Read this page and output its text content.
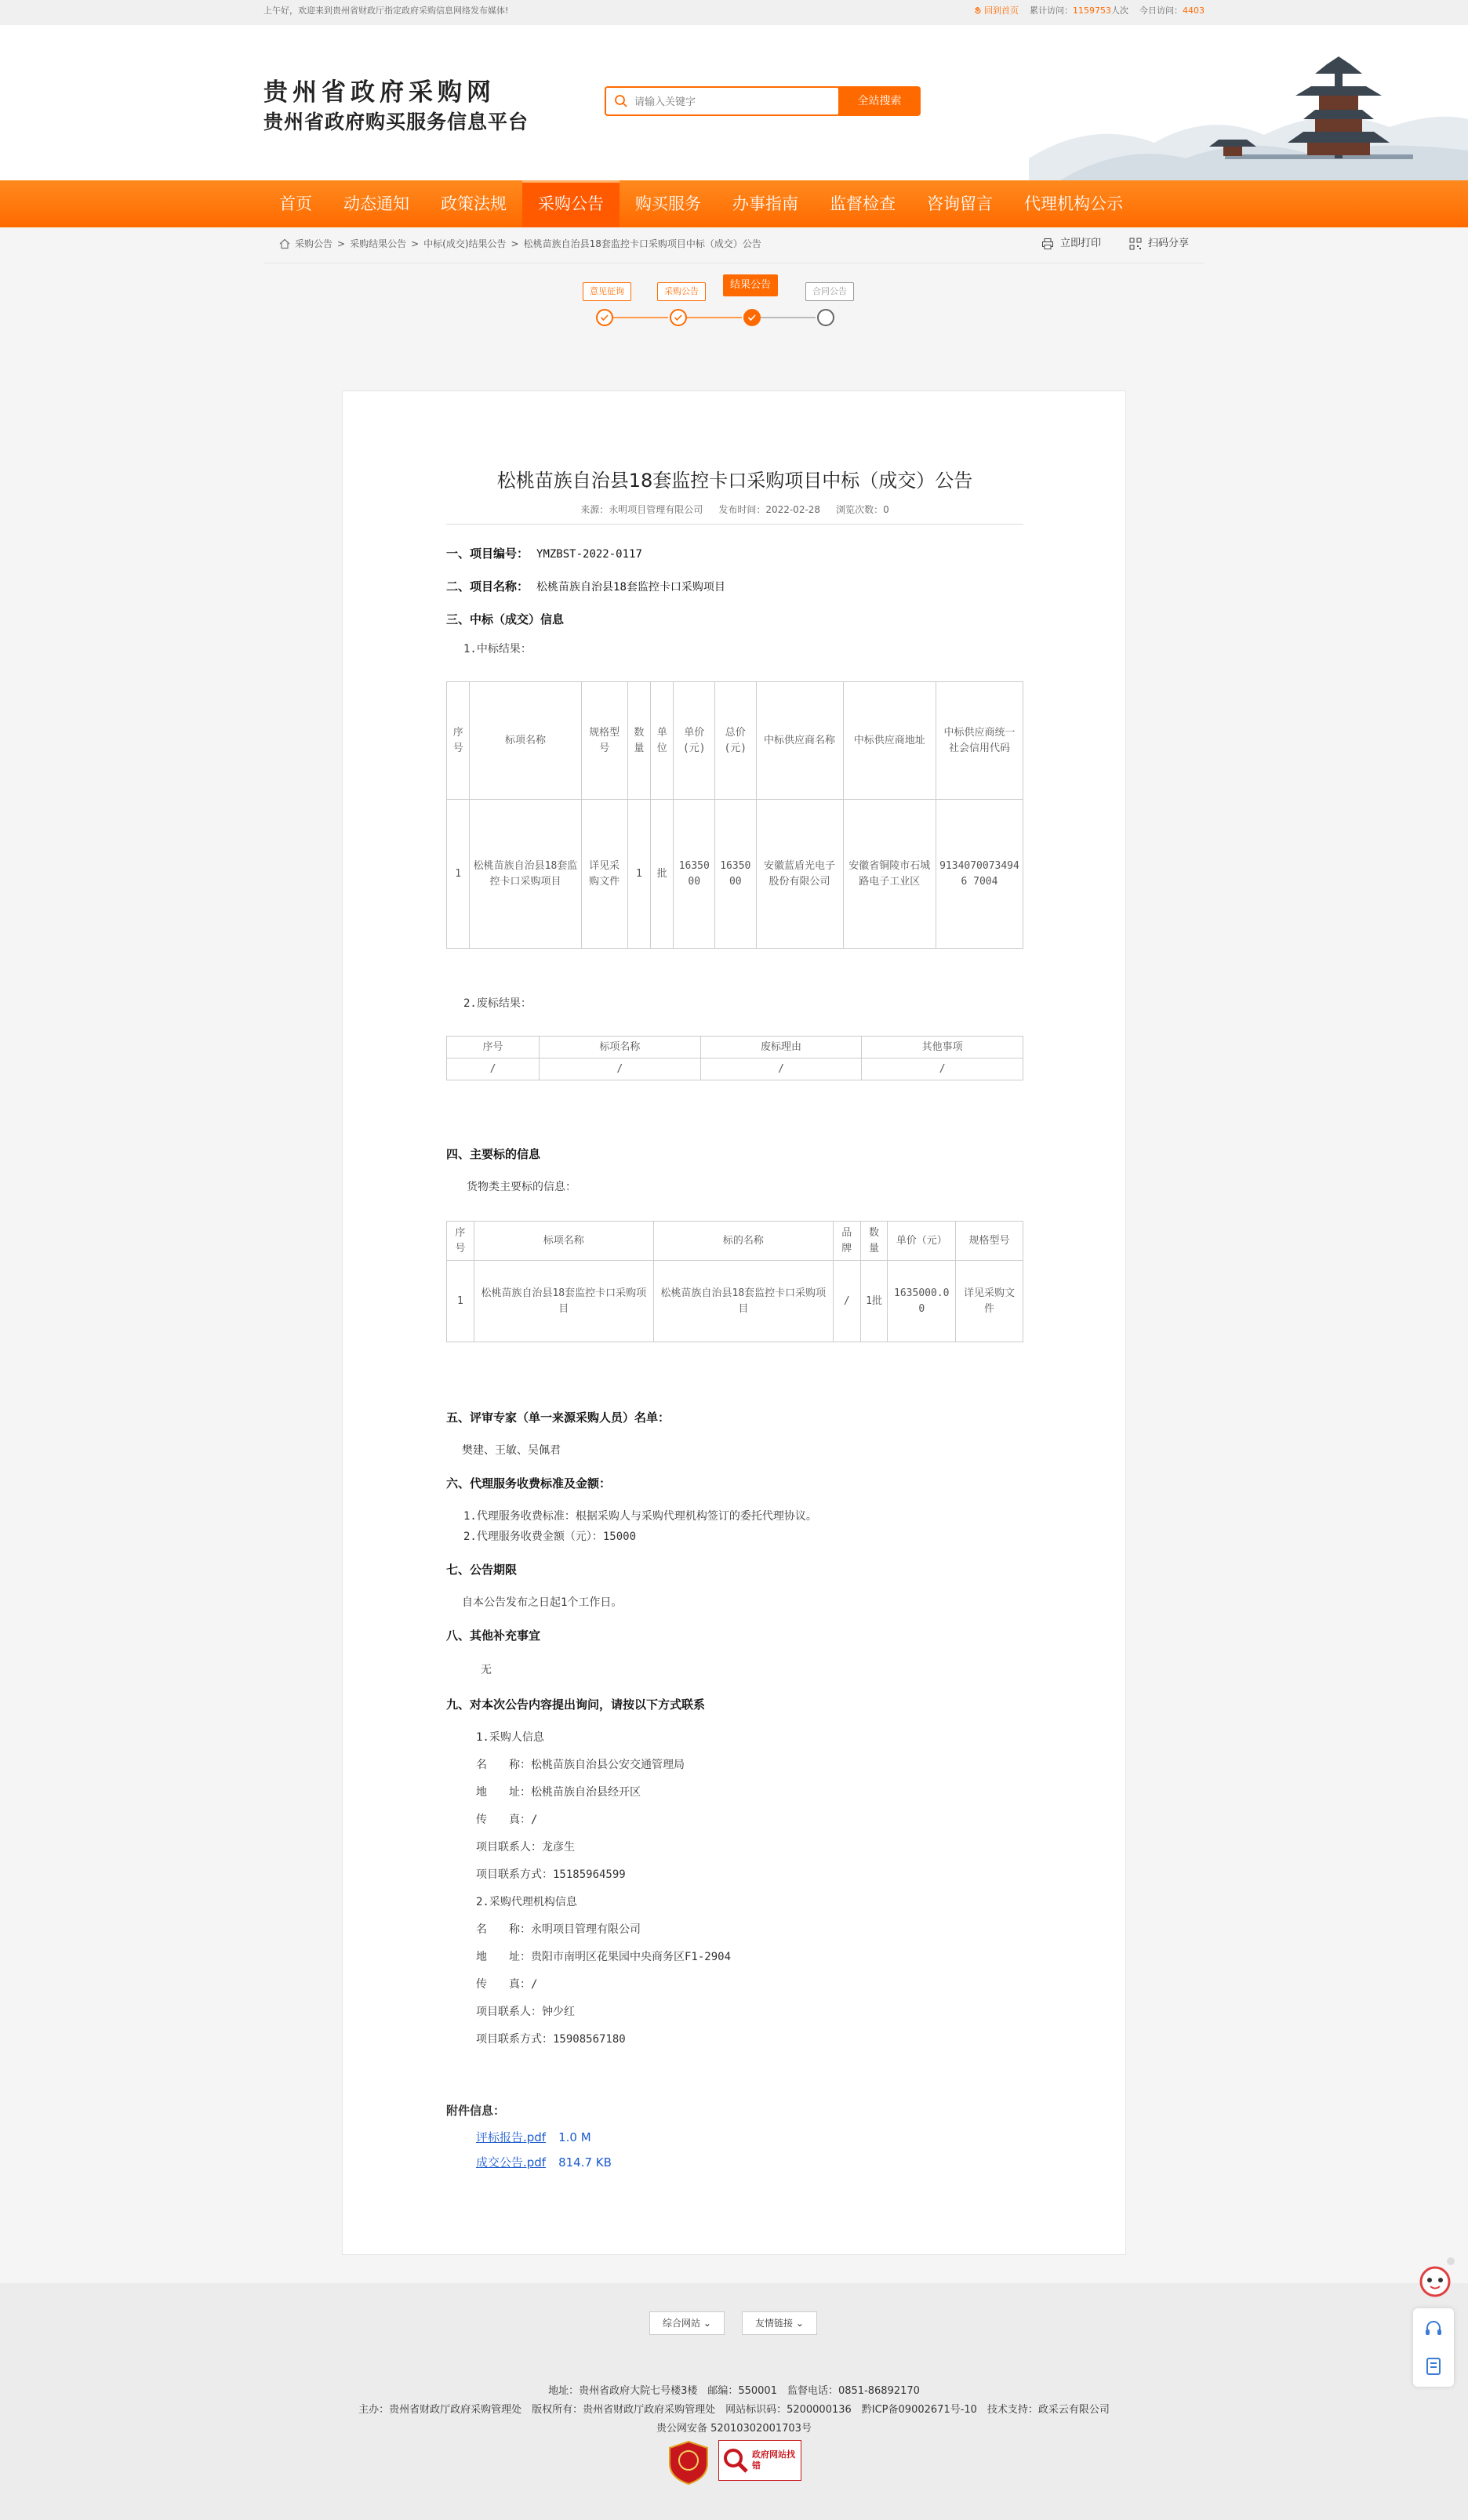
上午好，欢迎来到贵州省财政厅指定政府采购信息网络发布媒体!	回到首页 累计访问：1159753人次 今日访问：4403
贵州省政府采购网
贵州省政府购买服务信息平台
请输入关键字
全站搜索
首页	动态通知	政策法规	采购公告	购买服务	办事指南	监督检查	咨询留言	代理机构公示
采购公告 > 采购结果公告 > 中标(成交)结果公告 > 松桃苗族自治县18套监控卡口采购项目中标（成交）公告	立即打印	扫码分享
意见征询	采购公告
结果公告
合同公告
松桃苗族自治县18套监控卡口采购项目中标（成交）公告
来源：永明项目管理有限公司 发布时间：2022-02-28 浏览次数：0
一、项目编号： YMZBST-2022-0117
二、项目名称： 松桃苗族自治县18套监控卡口采购项目
三、中标（成交）信息
1.中标结果：
序号	标项名称	规格型号	数量	单位	单价(元)	总价(元)	中标供应商名称	中标供应商地址	中标供应商统一社会信用代码
1	松桃苗族自治县18套监控卡口采购项目	详见采购文件	1	批	1635000	1635000	安徽蓝盾光电子股份有限公司	安徽省铜陵市石城路电子工业区	91340700734946 7004
2.废标结果：
序号	标项名称	废标理由	其他事项
/	/	/	/
四、主要标的信息
货物类主要标的信息：
序号	标项名称	标的名称	品牌	数量	单价（元）	规格型号
1	松桃苗族自治县18套监控卡口采购项目	松桃苗族自治县18套监控卡口采购项目	/	1批	1635000.00	详见采购文件
五、评审专家（单一来源采购人员）名单：
樊建、王敏、吴佩君
六、代理服务收费标准及金额：
1.代理服务收费标准：根据采购人与采购代理机构签订的委托代理协议。
2.代理服务收费金额（元）：15000
七、公告期限
自本公告发布之日起1个工作日。
八、其他补充事宜
无
九、对本次公告内容提出询问，请按以下方式联系
1.采购人信息
名　　称：松桃苗族自治县公安交通管理局
地　　址：松桃苗族自治县经开区
传　　真：/
项目联系人：龙彦生
项目联系方式：15185964599
2.采购代理机构信息
名　　称：永明项目管理有限公司
地　　址：贵阳市南明区花果园中央商务区F1-2904
传　　真：/
项目联系人：钟少红
项目联系方式：15908567180
附件信息：
评标报告.pdf 1.0 M
成交公告.pdf 814.7 KB
综合网站 ⌄	友情链接 ⌄
地址：贵州省政府大院七号楼3楼　邮编：550001　监督电话：0851-86892170
主办：贵州省财政厅政府采购管理处　版权所有：贵州省财政厅政府采购管理处　网站标识码：5200000136　黔ICP备09002671号-10　技术支持：政采云有限公司
贵公网安备 52010302001703号
政府网站找错
